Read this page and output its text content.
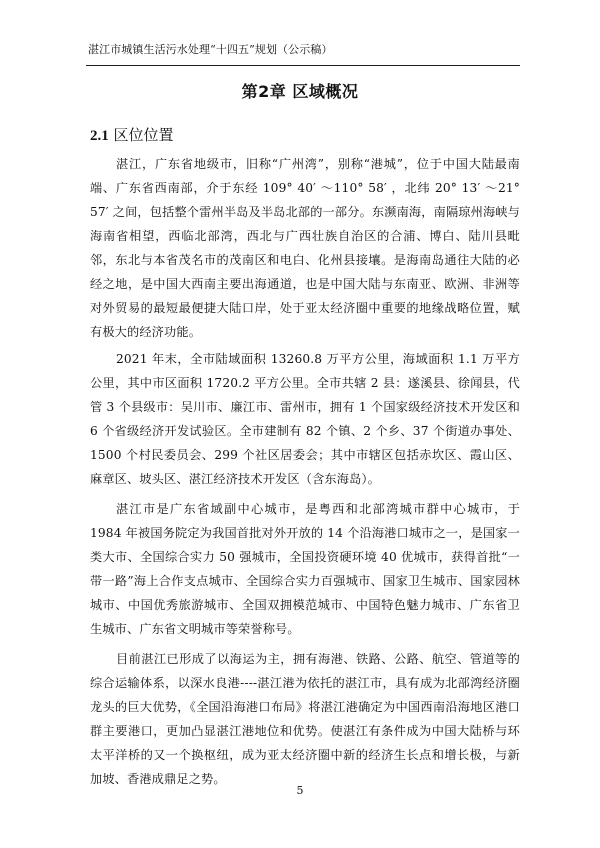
湛江市城镇生活污水处理“十四五”规划（公示稿）
第2章 区域概况
2.1 区位位置

湛江，广东省地级市，旧称“广州湾”，别称“港城”，位于中国大陆最南端、广东省西南部，介于东经 109° 40′ ～110° 58′ ，北纬 20° 13′ ～21° 57′ 之间，包括整个雷州半岛及半岛北部的一部分。东濒南海，南隔琼州海峡与海南省相望，西临北部湾，西北与广西壮族自治区的合浦、博白、陆川县毗邻，东北与本省茂名市的茂南区和电白、化州县接壤。是海南岛通往大陆的必经之地，是中国大西南主要出海通道，也是中国大陆与东南亚、欧洲、非洲等对外贸易的最短最便捷大陆口岸，处于亚太经济圈中重要的地缘战略位置，赋有极大的经济功能。

2021 年末，全市陆域面积 13260.8 万平方公里，海域面积 1.1 万平方公里，其中市区面积 1720.2 平方公里。全市共辖 2 县：遂溪县、徐闻县，代管 3 个县级市：吴川市、廉江市、雷州市，拥有 1 个国家级经济技术开发区和 6 个省级经济开发试验区。全市建制有 82 个镇、2 个乡、37 个街道办事处、1500 个村民委员会、299 个社区居委会；其中市辖区包括赤坎区、霞山区、麻章区、坡头区、湛江经济技术开发区（含东海岛）。

湛江市是广东省域副中心城市，是粤西和北部湾城市群中心城市，于 1984 年被国务院定为我国首批对外开放的 14 个沿海港口城市之一，是国家一类大市、全国综合实力 50 强城市，全国投资硬环境 40 优城市，获得首批“一带一路”海上合作支点城市、全国综合实力百强城市、国家卫生城市、国家园林城市、中国优秀旅游城市、全国双拥模范城市、中国特色魅力城市、广东省卫生城市、广东省文明城市等荣誉称号。

目前湛江已形成了以海运为主，拥有海港、铁路、公路、航空、管道等的综合运输体系，以深水良港----湛江港为依托的湛江市，具有成为北部湾经济圈龙头的巨大优势，《全国沿海港口布局》将湛江港确定为中国西南沿海地区港口群主要港口，更加凸显湛江港地位和优势。使湛江有条件成为中国大陆桥与环太平洋桥的又一个换枢纽，成为亚太经济圈中新的经济生长点和增长极，与新加坡、香港成鼎足之势。

5
